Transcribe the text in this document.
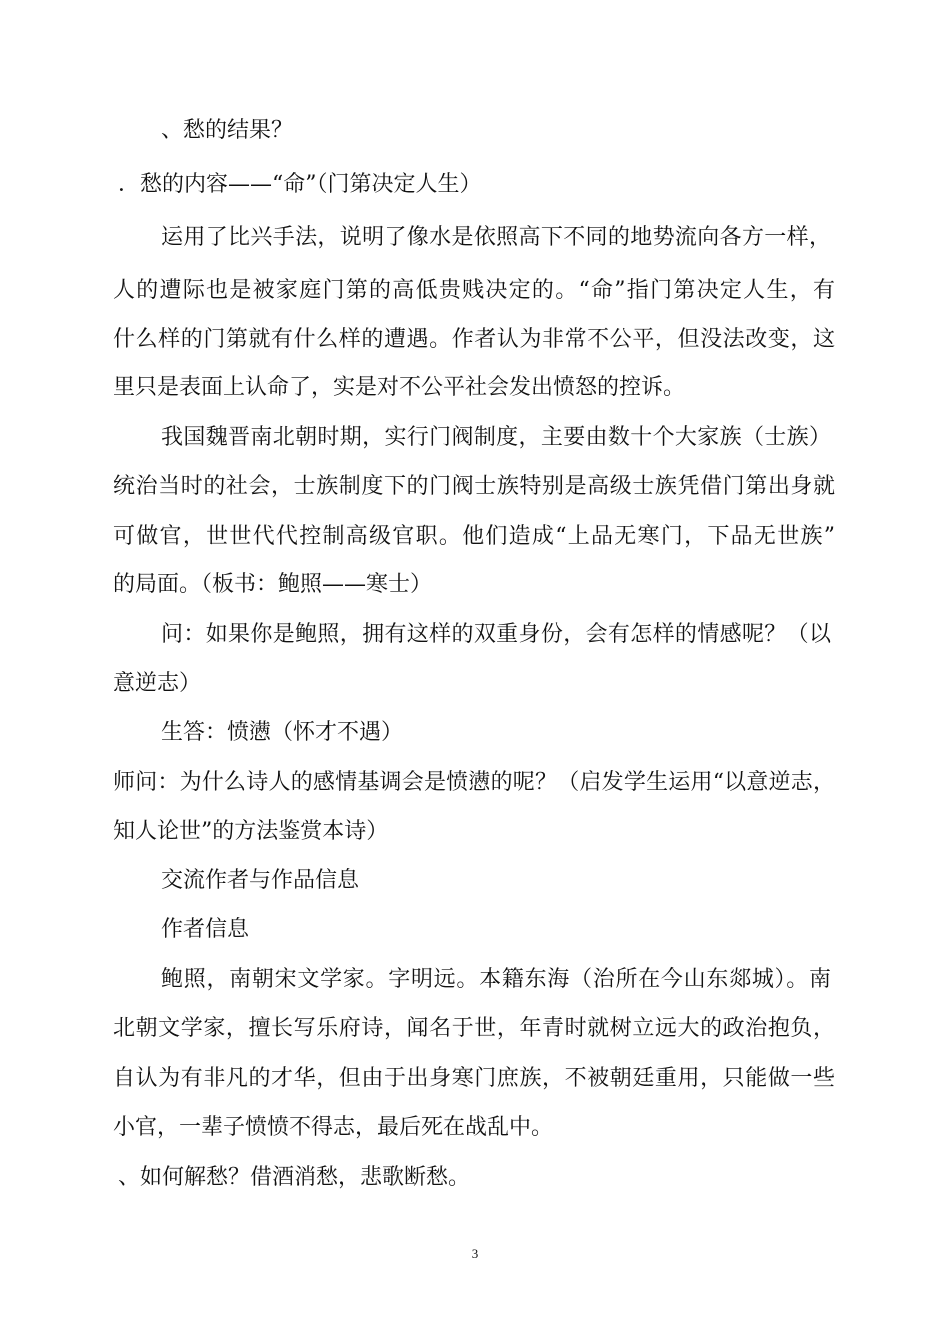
、愁的结果？
．愁的内容——“命”（门第决定人生）
运用了比兴手法，说明了像水是依照高下不同的地势流向各方一样，
人的遭际也是被家庭门第的高低贵贱决定的。“命”指门第决定人生，有
什么样的门第就有什么样的遭遇。作者认为非常不公平，但没法改变，这
里只是表面上认命了，实是对不公平社会发出愤怒的控诉。
我国魏晋南北朝时期，实行门阀制度，主要由数十个大家族（士族）
统治当时的社会，士族制度下的门阀士族特别是高级士族凭借门第出身就
可做官，世世代代控制高级官职。他们造成“上品无寒门，下品无世族”
的局面。（板书：鲍照——寒士）
问：如果你是鲍照，拥有这样的双重身份，会有怎样的情感呢？（以
意逆志）
生答：愤懑（怀才不遇）
师问：为什么诗人的感情基调会是愤懑的呢？（启发学生运用“以意逆志，
知人论世”的方法鉴赏本诗）
交流作者与作品信息
作者信息
鲍照，南朝宋文学家。字明远。本籍东海（治所在今山东郯城）。南
北朝文学家，擅长写乐府诗，闻名于世，年青时就树立远大的政治抱负，
自认为有非凡的才华，但由于出身寒门庶族，不被朝廷重用，只能做一些
小官，一辈子愤愤不得志，最后死在战乱中。
、如何解愁？借酒消愁，悲歌断愁。
3
